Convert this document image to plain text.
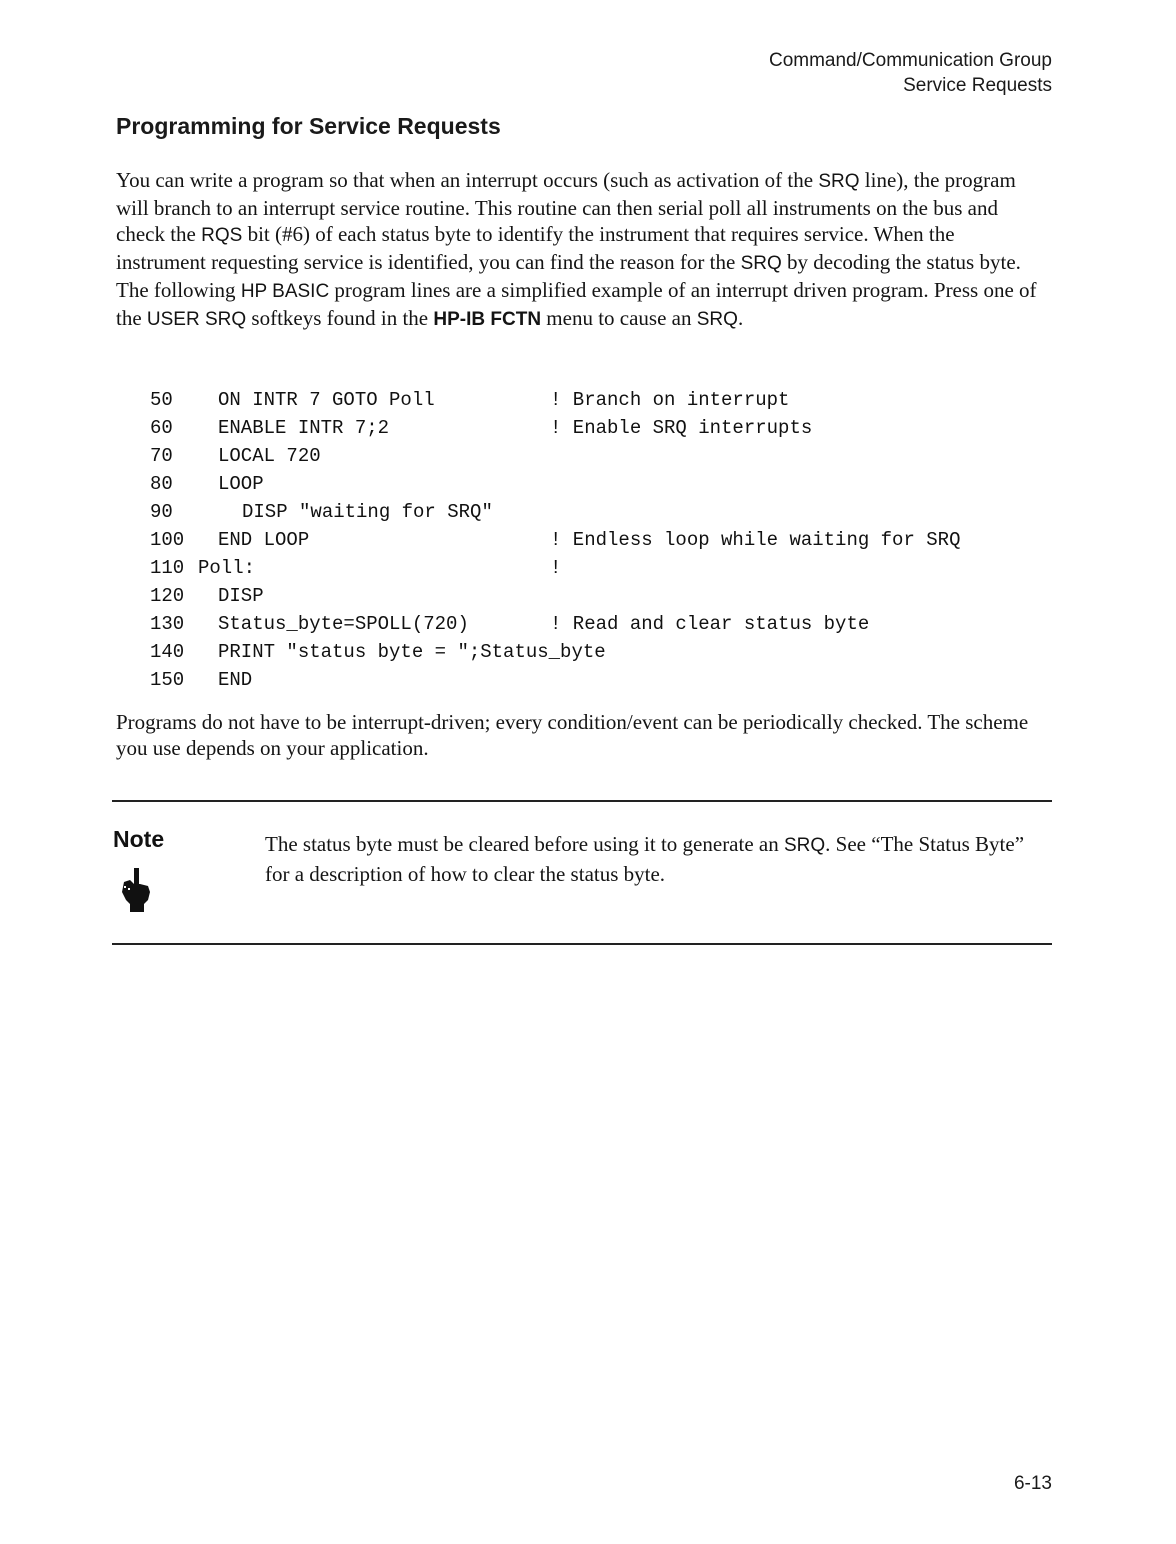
Command/Communication Group
Service Requests
Programming for Service Requests

You can write a program so that when an interrupt occurs (such as activation of the SRQ line), the program will branch to an interrupt service routine. This routine can then serial poll all instruments on the bus and check the RQS bit (#6) of each status byte to identify the instrument that requires service. When the instrument requesting service is identified, you can find the reason for the SRQ by decoding the status byte. The following HP BASIC program lines are a simplified example of an interrupt driven program. Press one of the USER SRQ softkeys found in the HP-IB FCTN menu to cause an SRQ.

50 ON INTR 7 GOTO Poll	! Branch on interrupt
60 ENABLE INTR 7;2	! Enable SRQ interrupts
70 LOCAL 720
80 LOOP
90	DISP "waiting for SRQ"
100 END LOOP	! Endless loop while waiting for SRQ
110 Poll:	!
120 DISP
130 Status_byte=SPOLL(720)	! Read and clear status byte
140 PRINT "status byte = ";Status_byte
150 END

Programs do not have to be interrupt-driven; every condition/event can be periodically checked. The scheme you use depends on your application.

Note	The status byte must be cleared before using it to generate an SRQ. See “The Status Byte” for a description of how to clear the status byte.

6-13
